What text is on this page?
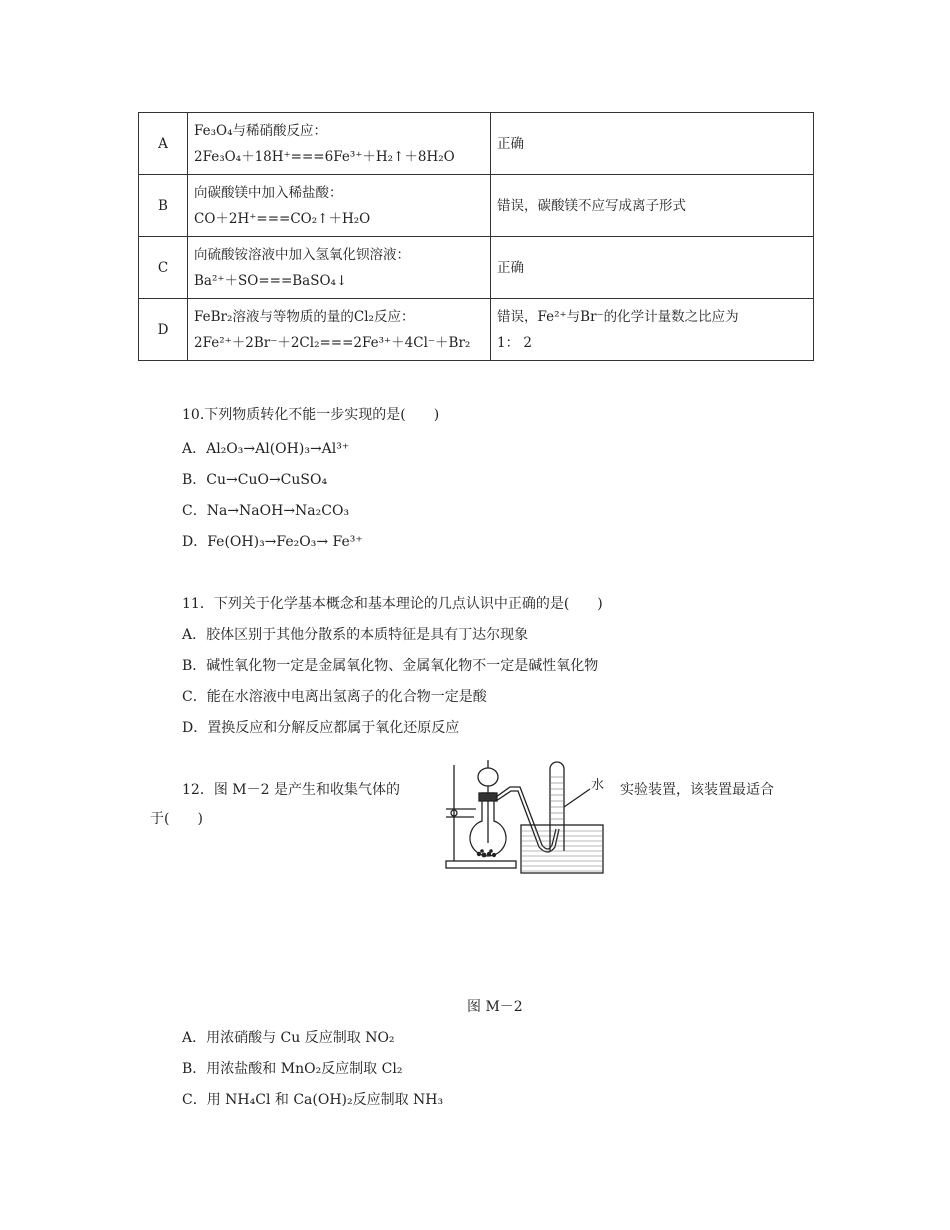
A	Fe₃O₄与稀硝酸反应：
2Fe₃O₄＋18H⁺===6Fe³⁺＋H₂↑＋8H₂O	正确

B	向碳酸镁中加入稀盐酸：
CO＋2H⁺===CO₂↑＋H₂O	错误，碳酸镁不应写成离子形式

C	向硫酸铵溶液中加入氢氧化钡溶液：
Ba²⁺＋SO===BaSO₄↓	正确

D	FeBr₂溶液与等物质的量的Cl₂反应：
2Fe²⁺＋2Br⁻＋2Cl₂===2Fe³⁺＋4Cl⁻＋Br₂	错误，Fe²⁺与Br⁻的化学计量数之比应为
1： 2
10.下列物质转化不能一步实现的是(　　)
A．Al₂O₃→Al(OH)₃→Al³⁺
B．Cu→CuO→CuSO₄
C．Na→NaOH→Na₂CO₃
D．Fe(OH)₃→Fe₂O₃→ Fe³⁺
11．下列关于化学基本概念和基本理论的几点认识中正确的是(　　)
A．胶体区别于其他分散系的本质特征是具有丁达尔现象
B．碱性氧化物一定是金属氧化物、金属氧化物不一定是碱性氧化物
C．能在水溶液中电离出氢离子的化合物一定是酸
D．置换反应和分解反应都属于氧化还原反应
12．图 M－2 是产生和收集气体的	实验装置，该装置最适合
于(　　)
水
图 M－2
A．用浓硝酸与 Cu 反应制取 NO₂
B．用浓盐酸和 MnO₂反应制取 Cl₂
C．用 NH₄Cl 和 Ca(OH)₂反应制取 NH₃
